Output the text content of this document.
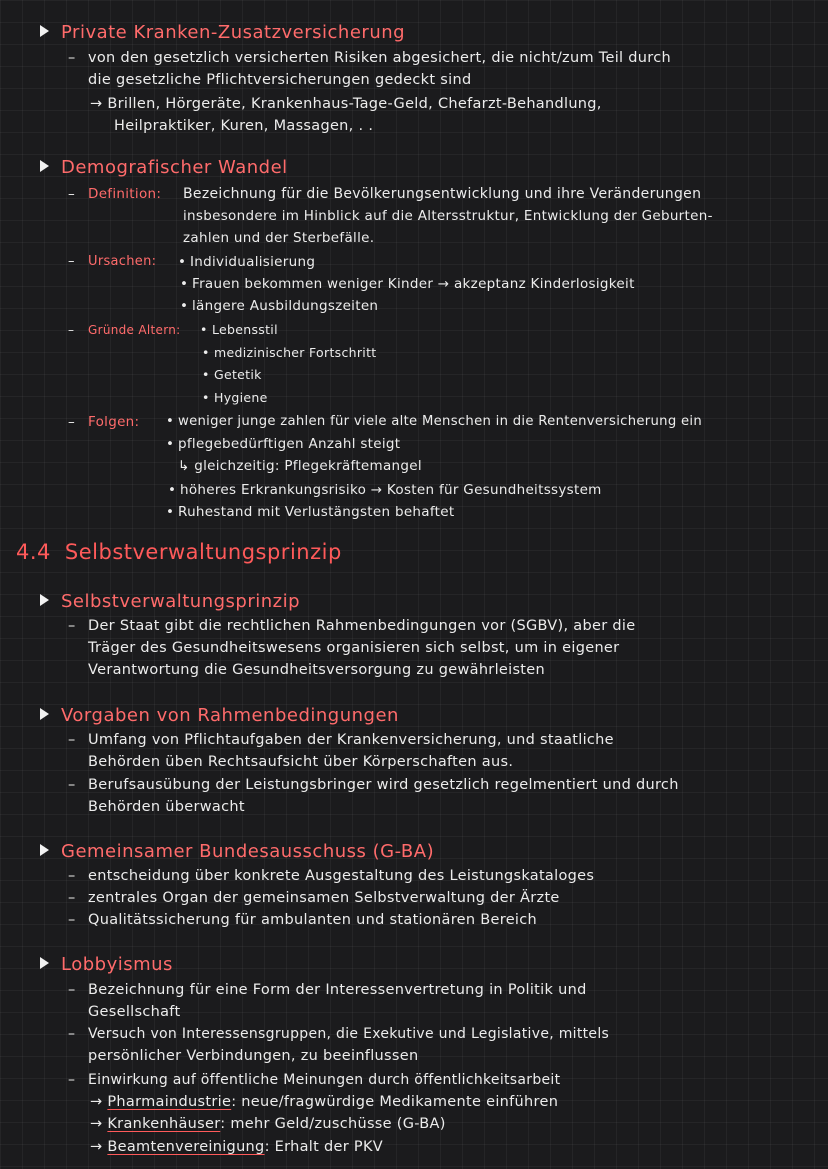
Private Kranken-Zusatzversicherung
– von den gesetzlich versicherten Risiken abgesichert, die nicht/zum Teil durch
die gesetzliche Pflichtversicherungen gedeckt sind
→ Brillen, Hörgeräte, Krankenhaus-Tage-Geld, Chefarzt-Behandlung,
Heilpraktiker, Kuren, Massagen, . .
Demografischer Wandel
– Definition: Bezeichnung für die Bevölkerungsentwicklung und ihre Veränderungen
insbesondere im Hinblick auf die Altersstruktur, Entwicklung der Geburten-
zahlen und der Sterbefälle.
– Ursachen: • Individualisierung
• Frauen bekommen weniger Kinder → akzeptanz Kinderlosigkeit
• längere Ausbildungszeiten
– Gründe Altern:	• Lebensstil
• medizinischer Fortschritt
• Getetik
• Hygiene
– Folgen:	• weniger junge zahlen für viele alte Menschen in die Rentenversicherung ein
• pflegebedürftigen Anzahl steigt
↳ gleichzeitig: Pflegekräftemangel
• höheres Erkrankungsrisiko → Kosten für Gesundheitssystem
• Ruhestand mit Verlustängsten behaftet
4.4 Selbstverwaltungsprinzip
Selbstverwaltungsprinzip
– Der Staat gibt die rechtlichen Rahmenbedingungen vor (SGBV), aber die
Träger des Gesundheitswesens organisieren sich selbst, um in eigener
Verantwortung die Gesundheitsversorgung zu gewährleisten
Vorgaben von Rahmenbedingungen
– Umfang von Pflichtaufgaben der Krankenversicherung, und staatliche
Behörden üben Rechtsaufsicht über Körperschaften aus.
– Berufsausübung der Leistungsbringer wird gesetzlich regelmentiert und durch
Behörden überwacht
Gemeinsamer Bundesausschuss (G-BA)
– entscheidung über konkrete Ausgestaltung des Leistungskataloges
– zentrales Organ der gemeinsamen Selbstverwaltung der Ärzte
– Qualitätssicherung für ambulanten und stationären Bereich
Lobbyismus
– Bezeichnung für eine Form der Interessenvertretung in Politik und
Gesellschaft
– Versuch von Interessensgruppen, die Exekutive und Legislative, mittels
persönlicher Verbindungen, zu beeinflussen
– Einwirkung auf öffentliche Meinungen durch öffentlichkeitsarbeit
→ Pharmaindustrie: neue/fragwürdige Medikamente einführen
→ Krankenhäuser: mehr Geld/zuschüsse (G-BA)
→ Beamtenvereinigung: Erhalt der PKV
